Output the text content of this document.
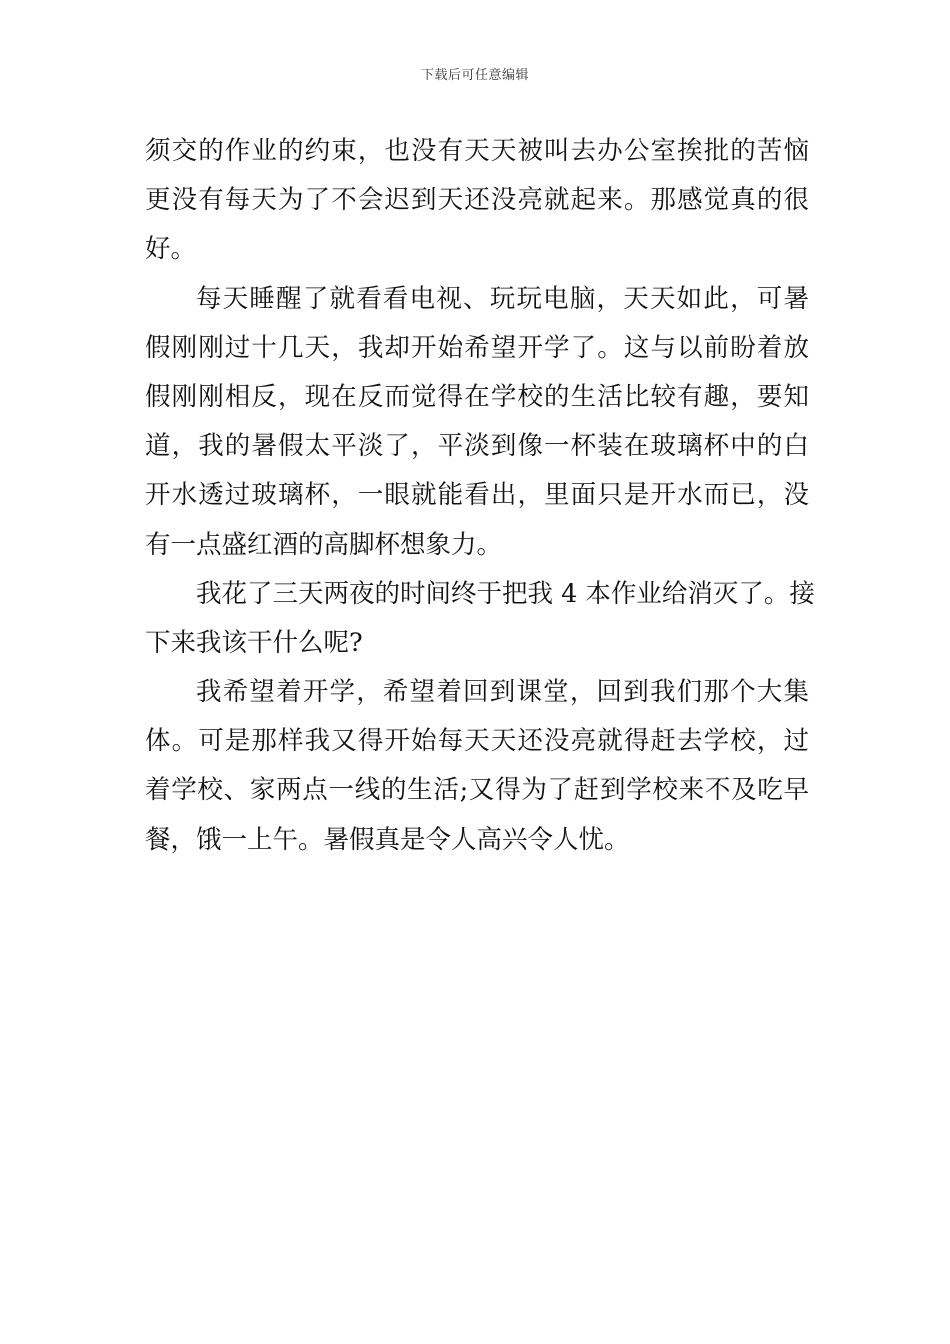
下载后可任意编辑
须交的作业的约束，也没有天天被叫去办公室挨批的苦恼
更没有每天为了不会迟到天还没亮就起来。那感觉真的很
好。
每天睡醒了就看看电视、玩玩电脑，天天如此，可暑
假刚刚过十几天，我却开始希望开学了。这与以前盼着放
假刚刚相反，现在反而觉得在学校的生活比较有趣，要知
道，我的暑假太平淡了，平淡到像一杯装在玻璃杯中的白
开水透过玻璃杯，一眼就能看出，里面只是开水而已，没
有一点盛红酒的高脚杯想象力。
我花了三天两夜的时间终于把我 4 本作业给消灭了。接
下来我该干什么呢?
我希望着开学，希望着回到课堂，回到我们那个大集
体。可是那样我又得开始每天天还没亮就得赶去学校，过
着学校、家两点一线的生活;又得为了赶到学校来不及吃早
餐，饿一上午。暑假真是令人高兴令人忧。
